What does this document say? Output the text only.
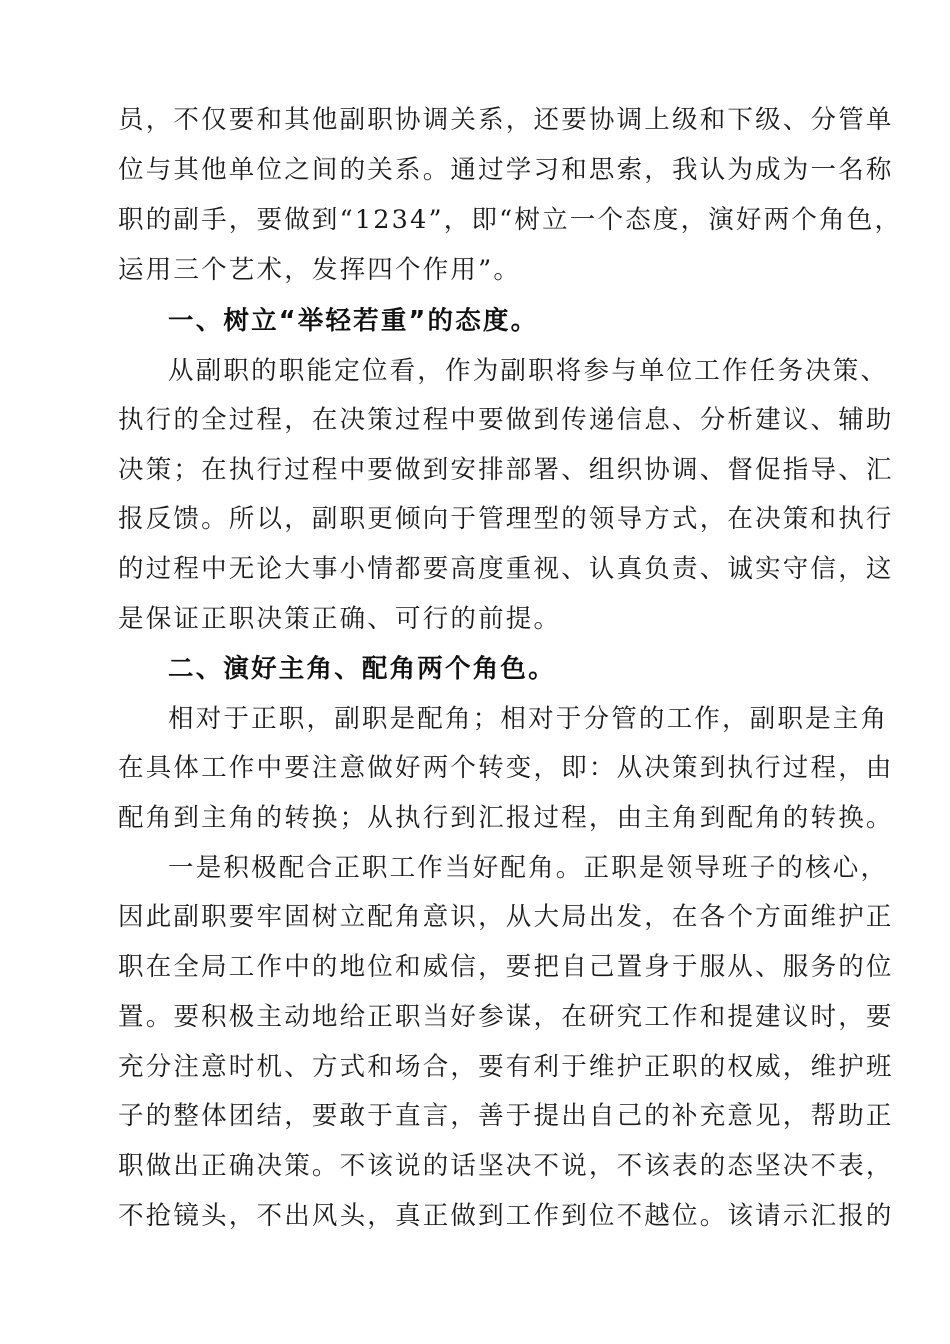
员，不仅要和其他副职协调关系，还要协调上级和下级、分管单
位与其他单位之间的关系。通过学习和思索，我认为成为一名称
职的副手，要做到“1234”，即“树立一个态度，演好两个角色，
运用三个艺术，发挥四个作用”。
一、树立“举轻若重”的态度。
从副职的职能定位看，作为副职将参与单位工作任务决策、
执行的全过程，在决策过程中要做到传递信息、分析建议、辅助
决策；在执行过程中要做到安排部署、组织协调、督促指导、汇
报反馈。所以，副职更倾向于管理型的领导方式，在决策和执行
的过程中无论大事小情都要高度重视、认真负责、诚实守信，这
是保证正职决策正确、可行的前提。
二、演好主角、配角两个角色。
相对于正职，副职是配角；相对于分管的工作，副职是主角
在具体工作中要注意做好两个转变，即：从决策到执行过程，由
配角到主角的转换；从执行到汇报过程，由主角到配角的转换。
一是积极配合正职工作当好配角。正职是领导班子的核心，
因此副职要牢固树立配角意识，从大局出发，在各个方面维护正
职在全局工作中的地位和威信，要把自己置身于服从、服务的位
置。要积极主动地给正职当好参谋，在研究工作和提建议时，要
充分注意时机、方式和场合，要有利于维护正职的权威，维护班
子的整体团结，要敢于直言，善于提出自己的补充意见，帮助正
职做出正确决策。不该说的话坚决不说，不该表的态坚决不表，
不抢镜头，不出风头，真正做到工作到位不越位。该请示汇报的
